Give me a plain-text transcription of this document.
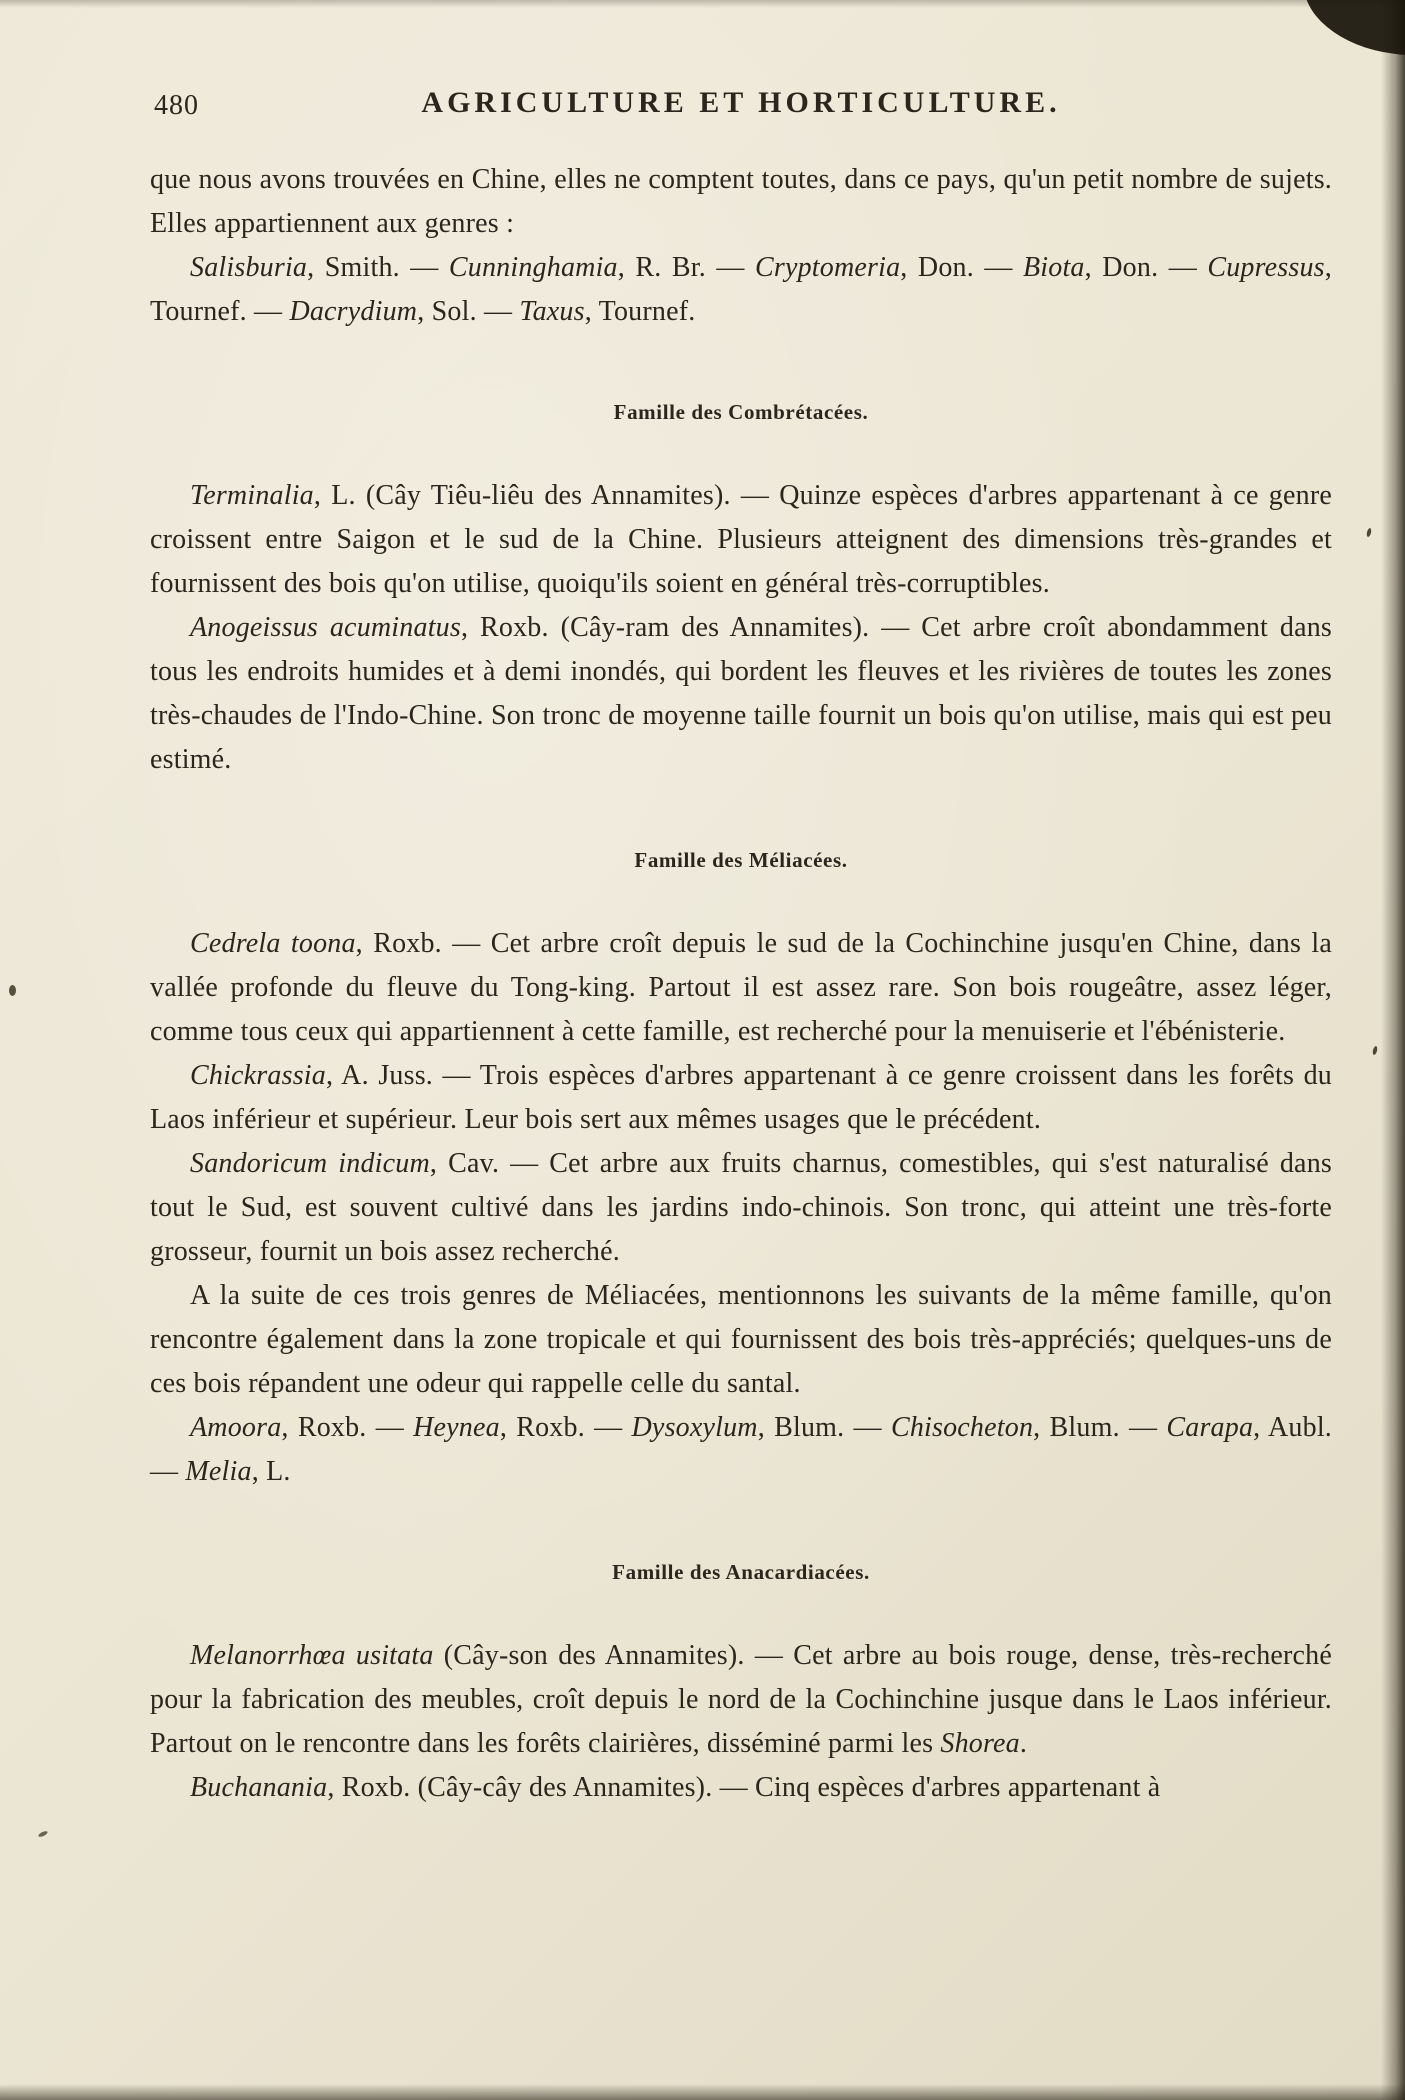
480	AGRICULTURE ET HORTICULTURE.

que nous avons trouvées en Chine, elles ne comptent toutes, dans ce pays, qu'un petit nombre de sujets. Elles appartiennent aux genres :

Salisburia, Smith. — Cunninghamia, R. Br. — Cryptomeria, Don. — Biota, Don. — Cupressus, Tournef. — Dacrydium, Sol. — Taxus, Tournef.

Famille des Combrétacées.

Terminalia, L. (Cây Tiêu-liêu des Annamites). — Quinze espèces d'arbres appartenant à ce genre croissent entre Saigon et le sud de la Chine. Plusieurs atteignent des dimensions très-grandes et fournissent des bois qu'on utilise, quoiqu'ils soient en général très-corruptibles.

Anogeissus acuminatus, Roxb. (Cây-ram des Annamites). — Cet arbre croît abondamment dans tous les endroits humides et à demi inondés, qui bordent les fleuves et les rivières de toutes les zones très-chaudes de l'Indo-Chine. Son tronc de moyenne taille fournit un bois qu'on utilise, mais qui est peu estimé.

Famille des Méliacées.

Cedrela toona, Roxb. — Cet arbre croît depuis le sud de la Cochinchine jusqu'en Chine, dans la vallée profonde du fleuve du Tong-king. Partout il est assez rare. Son bois rougeâtre, assez léger, comme tous ceux qui appartiennent à cette famille, est recherché pour la menuiserie et l'ébénisterie.

Chickrassia, A. Juss. — Trois espèces d'arbres appartenant à ce genre croissent dans les forêts du Laos inférieur et supérieur. Leur bois sert aux mêmes usages que le précédent.

Sandoricum indicum, Cav. — Cet arbre aux fruits charnus, comestibles, qui s'est naturalisé dans tout le Sud, est souvent cultivé dans les jardins indo-chinois. Son tronc, qui atteint une très-forte grosseur, fournit un bois assez recherché.

A la suite de ces trois genres de Méliacées, mentionnons les suivants de la même famille, qu'on rencontre également dans la zone tropicale et qui fournissent des bois très-appréciés; quelques-uns de ces bois répandent une odeur qui rappelle celle du santal.

Amoora, Roxb. — Heynea, Roxb. — Dysoxylum, Blum. — Chisocheton, Blum. — Carapa, Aubl. — Melia, L.

Famille des Anacardiacées.

Melanorrhœa usitata (Cây-son des Annamites). — Cet arbre au bois rouge, dense, très-recherché pour la fabrication des meubles, croît depuis le nord de la Cochinchine jusque dans le Laos inférieur. Partout on le rencontre dans les forêts clairières, disséminé parmi les Shorea.

Buchanania, Roxb. (Cây-cây des Annamites). — Cinq espèces d'arbres appartenant à
